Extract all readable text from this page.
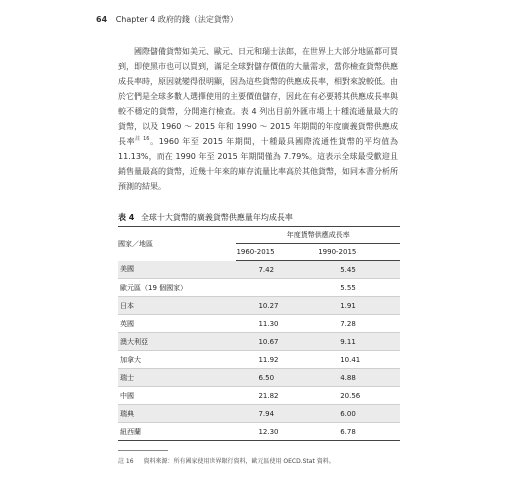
64 Chapter 4 政府的錢（法定貨幣）
國際儲備貨幣如美元、歐元、日元和瑞士法郎，在世界上大部分地區都可買到，即使黑市也可以買到，滿足全球對儲存價值的大量需求，當你檢查貨幣供應成長率時，原因就變得很明顯，因為這些貨幣的供應成長率，相對來說較低。由於它們是全球多數人選擇使用的主要價值儲存，因此在有必要將其供應成長率與較不穩定的貨幣，分開進行檢查。表 4 列出目前外匯市場上十種流通量最大的貨幣，以及 1960 ～ 2015 年和 1990 ～ 2015 年期間的年度廣義貨幣供應成長率$^{註 16}$。1960 年至 2015 年期間，十種最具國際流通性貨幣的平均值為 11.13%，而在 1990 年至 2015 年期間僅為 7.79%。這表示全球最受歡迎且銷售量最高的貨幣，近幾十年來的庫存流量比率高於其他貨幣，如同本書分析所預測的結果。
表 4 全球十大貨幣的廣義貨幣供應量年均成長率
國家／地區	年度貨幣供應成長率	
	1960-2015	1990-2015
美國	7.42	5.45
歐元區（19 個國家）		5.55
日本	10.27	1.91
英國	11.30	7.28
澳大利亞	10.67	9.11
加拿大	11.92	10.41
瑞士	6.50	4.88
中國	21.82	20.56
瑞典	7.94	6.00
紐西蘭	12.30	6.78
註 16 資料來源：所有國家使用世界銀行資料，歐元區使用 OECD.Stat 資料。
